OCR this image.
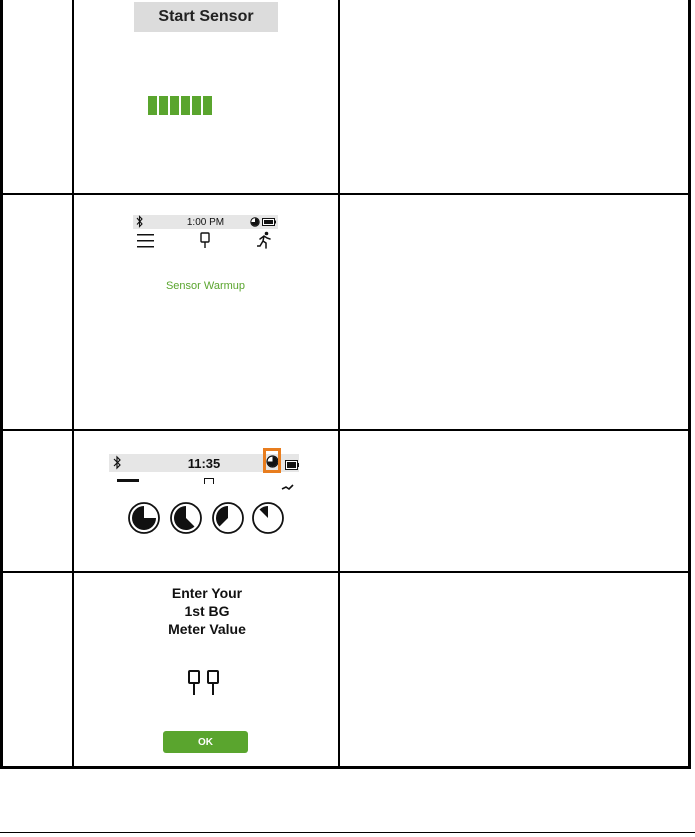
Start Sensor
1:00 PM
Sensor Warmup
11:35
Enter Your
1st BG
Meter Value
OK
